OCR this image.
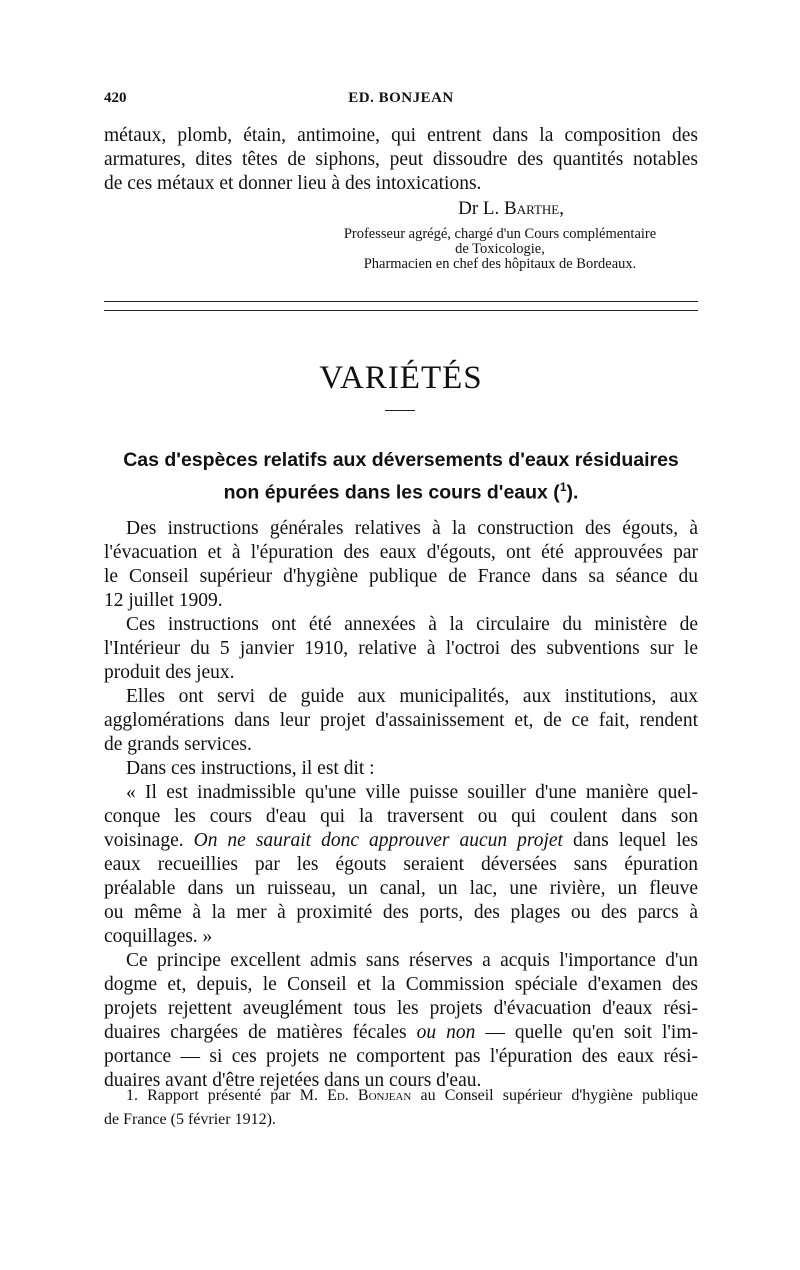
420	ED. BONJEAN
métaux, plomb, étain, antimoine, qui entrent dans la composition des
armatures, dites têtes de siphons, peut dissoudre des quantités notables
de ces métaux et donner lieu à des intoxications.
Dr L. Barthe,
Professeur agrégé, chargé d'un Cours complémentaire
de Toxicologie,
Pharmacien en chef des hôpitaux de Bordeaux.
VARIÉTÉS
Cas d'espèces relatifs aux déversements d'eaux résiduaires
non épurées dans les cours d'eaux ($^1$).
Des instructions générales relatives à la construction des égouts, à
l'évacuation et à l'épuration des eaux d'égouts, ont été approuvées par
le Conseil supérieur d'hygiène publique de France dans sa séance du
12 juillet 1909.
Ces instructions ont été annexées à la circulaire du ministère de
l'Intérieur du 5 janvier 1910, relative à l'octroi des subventions sur le
produit des jeux.
Elles ont servi de guide aux municipalités, aux institutions, aux
agglomérations dans leur projet d'assainissement et, de ce fait, rendent
de grands services.
Dans ces instructions, il est dit :
« Il est inadmissible qu'une ville puisse souiller d'une manière quel-
conque les cours d'eau qui la traversent ou qui coulent dans son
voisinage. On ne saurait donc approuver aucun projet dans lequel les
eaux recueillies par les égouts seraient déversées sans épuration
préalable dans un ruisseau, un canal, un lac, une rivière, un fleuve
ou même à la mer à proximité des ports, des plages ou des parcs à
coquillages. »
Ce principe excellent admis sans réserves a acquis l'importance d'un
dogme et, depuis, le Conseil et la Commission spéciale d'examen des
projets rejettent aveuglément tous les projets d'évacuation d'eaux rési-
duaires chargées de matières fécales ou non — quelle qu'en soit l'im-
portance — si ces projets ne comportent pas l'épuration des eaux rési-
duaires avant d'être rejetées dans un cours d'eau.
1. Rapport présenté par M. Ed. Bonjean au Conseil supérieur d'hygiène publique
de France (5 février 1912).
